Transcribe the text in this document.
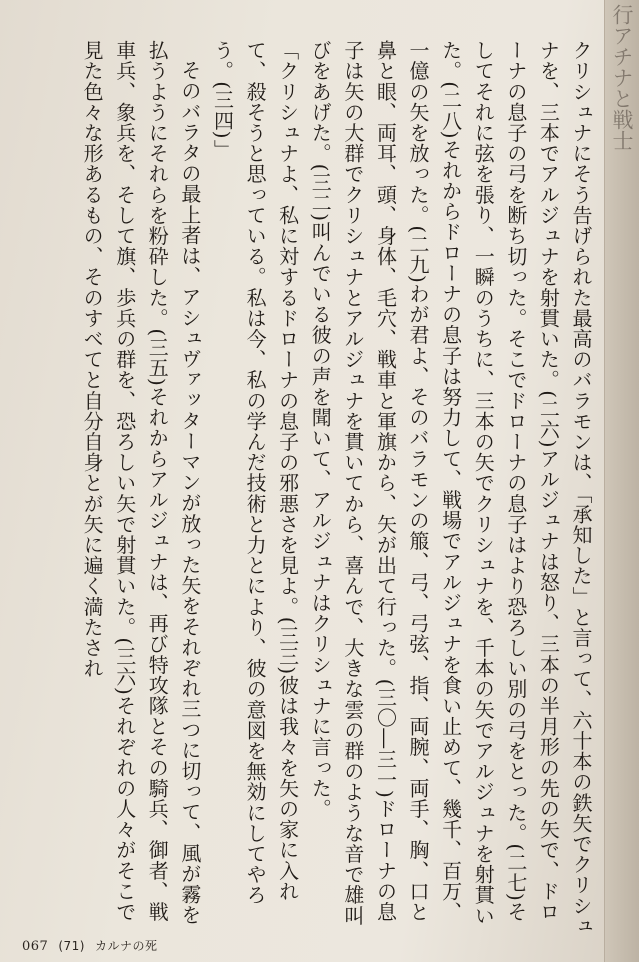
行アチナと戦士

クリシュナにそう告げられた最高のバラモンは、「承知した」と言って、六十本の鉄矢でクリシュナを、三本でアルジュナを射貫いた。(二六)アルジュナは怒り、三本の半月形の先の矢で、ドローナの息子の弓を断ち切った。そこでドローナの息子はより恐ろしい別の弓をとった。(二七)そしてそれに弦を張り、一瞬のうちに、三本の矢でクリシュナを、千本の矢でアルジュナを射貫いた。(二八)それからドローナの息子は努力して、戦場でアルジュナを食い止めて、幾千、百万、一億の矢を放った。(二九)わが君よ、そのバラモンの箙、弓、弓弦、指、両腕、両手、胸、口と鼻と眼、両耳、頭、身体、毛穴、戦車と軍旗から、矢が出て行った。(三〇―三一)ドローナの息子は矢の大群でクリシュナとアルジュナを貫いてから、喜んで、大きな雲の群のような音で雄叫びをあげた。(三二)叫んでいる彼の声を聞いて、アルジュナはクリシュナに言った。

「クリシュナよ、私に対するドローナの息子の邪悪さを見よ。(三三)彼は我々を矢の家に入れて、殺そうと思っている。私は今、私の学んだ技術と力とにより、彼の意図を無効にしてやろう。(三四)」

そのバラタの最上者は、アシュヴァッターマンが放った矢をそれぞれ三つに切って、風が霧を払うようにそれらを粉砕した。(三五)それからアルジュナは、再び特攻隊とその騎兵、御者、戦車兵、象兵を、そして旗、歩兵の群を、恐ろしい矢で射貫いた。(三六)それぞれの人々がそこで見た色々な形あるもの、そのすべてと自分自身とが矢に遍く満たされ

067 (71) カルナの死
